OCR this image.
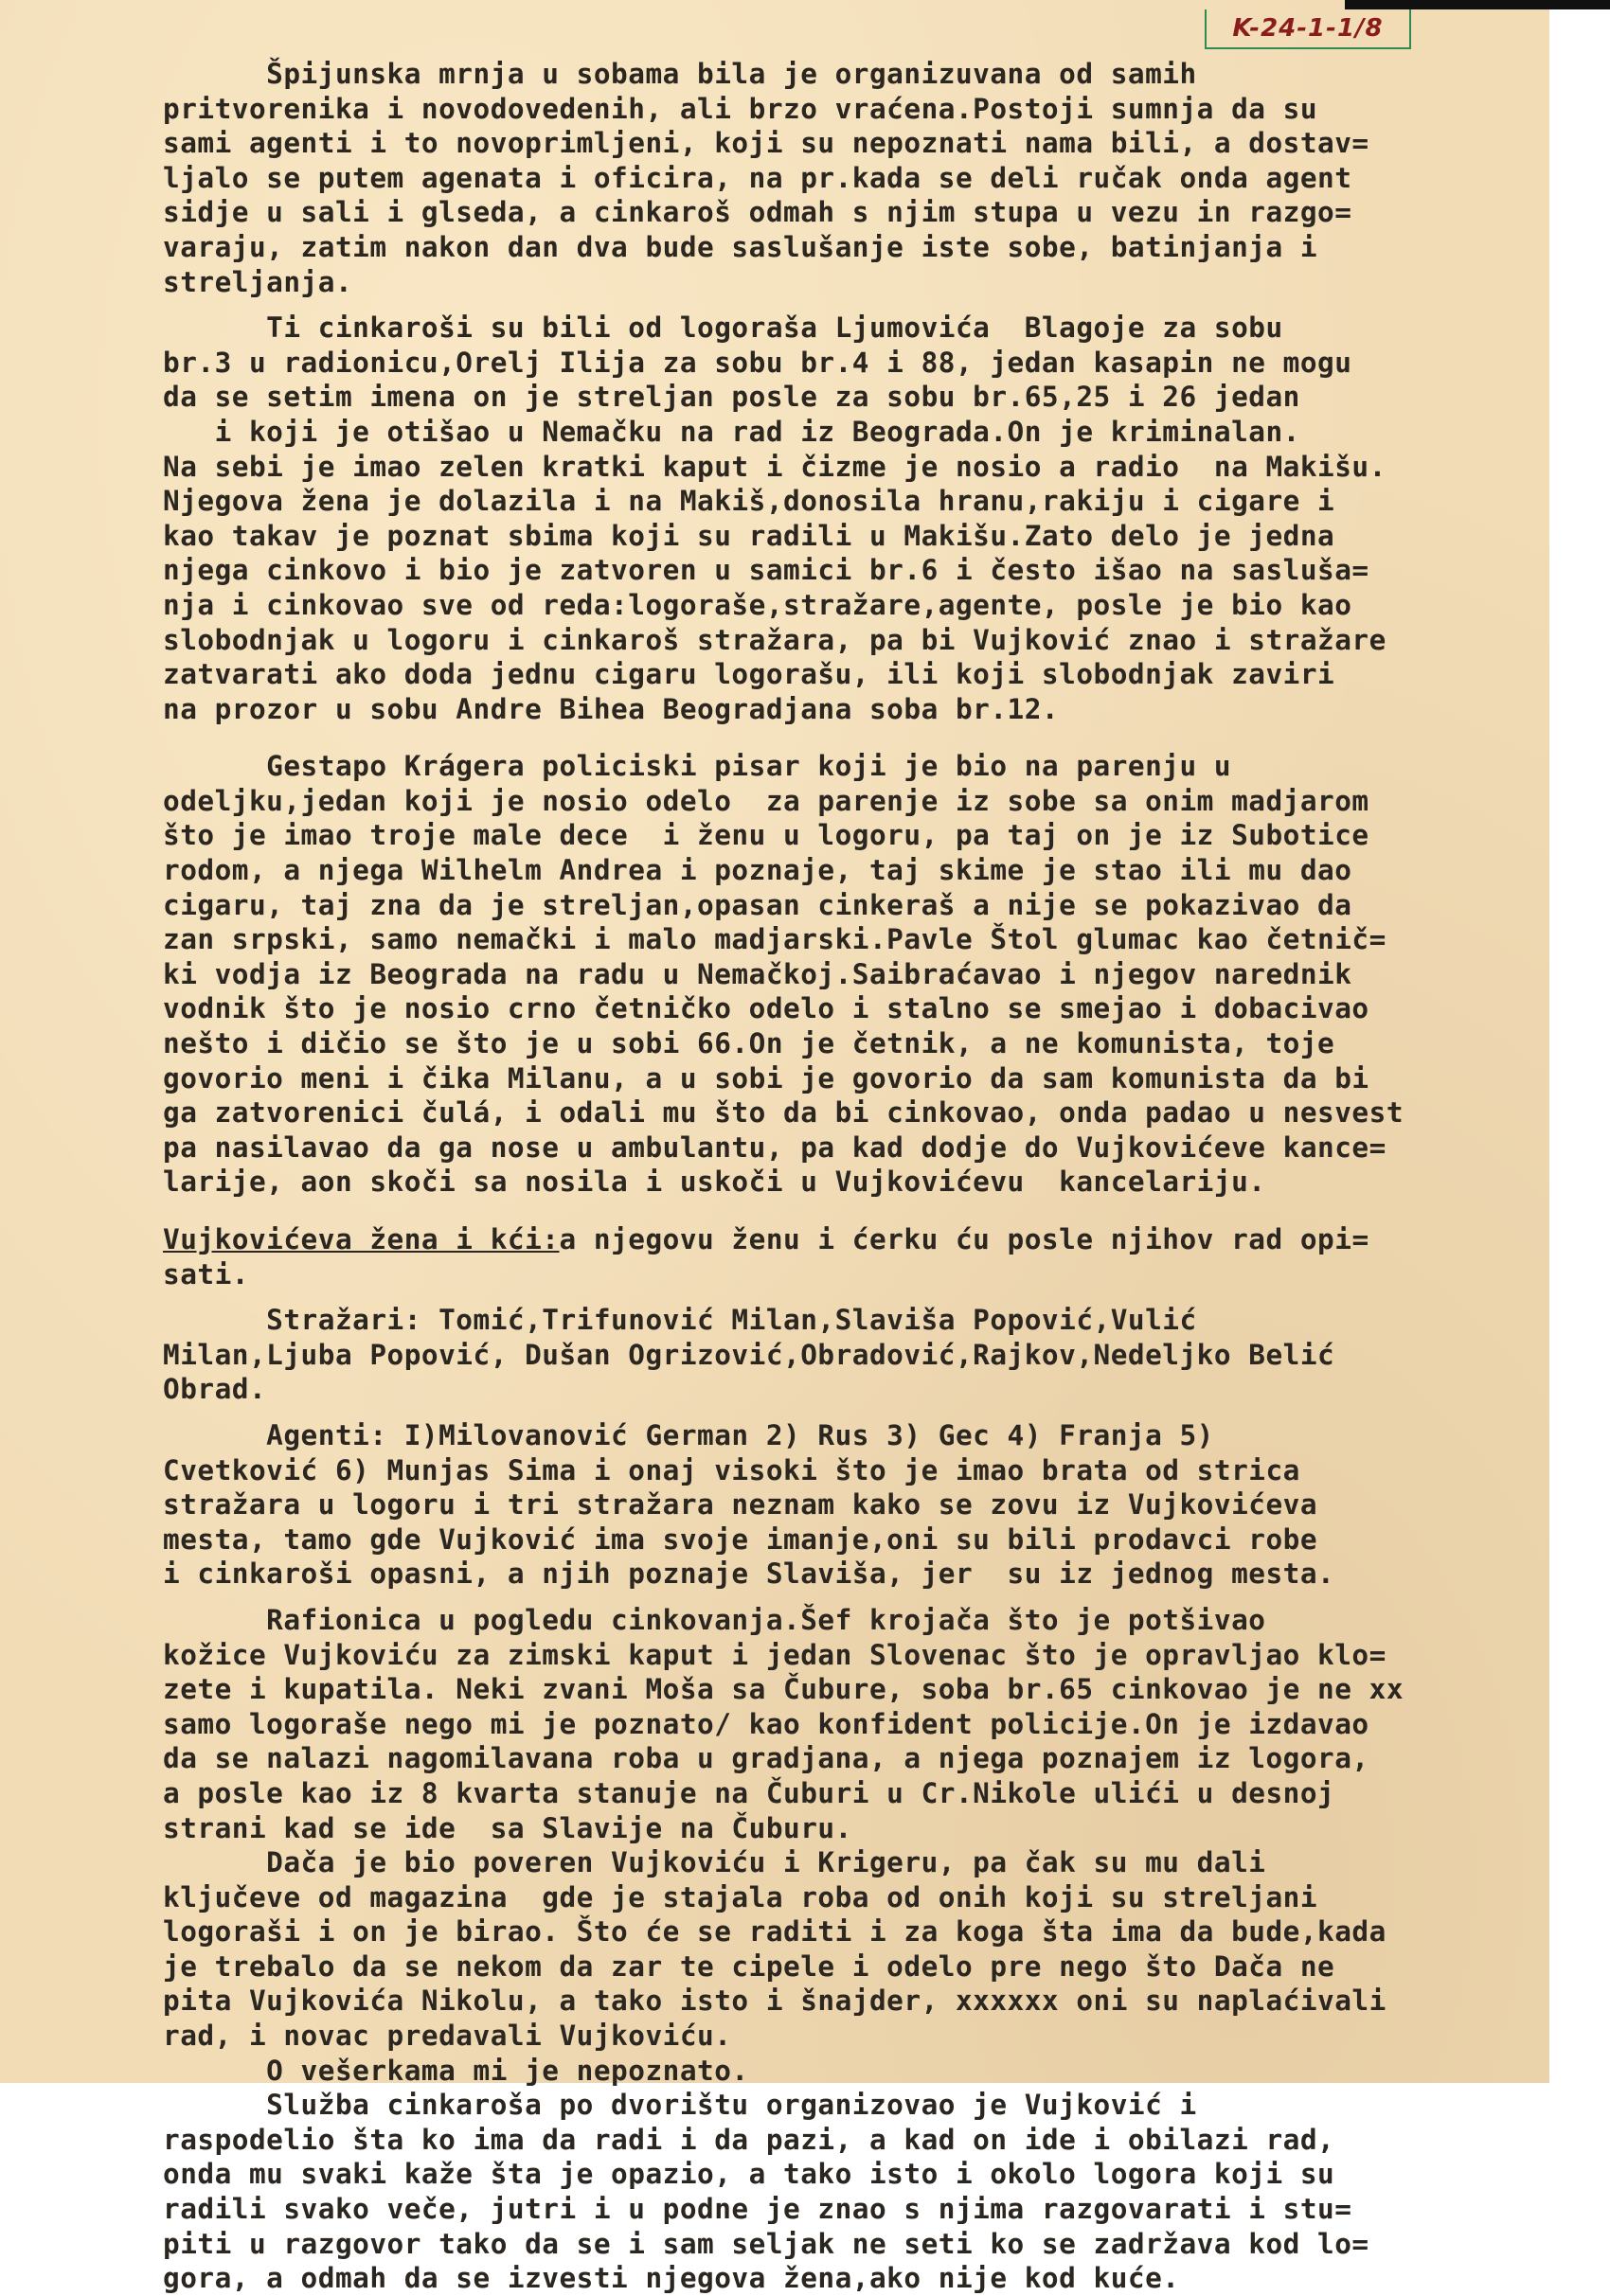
K-24-1-1/8
Špijunska mrnja u sobama bila je organizuvana od samih
pritvorenika i novodovedenih, ali brzo vraćena.Postoji sumnja da su
sami agenti i to novoprimljeni, koji su nepoznati nama bili, a dostav=
ljalo se putem agenata i oficira, na pr.kada se deli ručak onda agent
sidje u sali i glseda, a cinkaroš odmah s njim stupa u vezu in razgo=
varaju, zatim nakon dan dva bude saslušanje iste sobe, batinjanja i
streljanja.
Ti cinkaroši su bili od logoraša Ljumovića  Blagoje za sobu
br.3 u radionicu,Orelj Ilija za sobu br.4 i 88, jedan kasapin ne mogu
da se setim imena on je streljan posle za sobu br.65,25 i 26 jedan
i koji je otišao u Nemačku na rad iz Beograda.On je kriminalan.
Na sebi je imao zelen kratki kaput i čizme je nosio a radio  na Makišu.
Njegova žena je dolazila i na Makiš,donosila hranu,rakiju i cigare i
kao takav je poznat sbima koji su radili u Makišu.Zato delo je jedna
njega cinkovo i bio je zatvoren u samici br.6 i često išao na saslušа=
nja i cinkovao sve od reda:logoraše,stražare,agente, posle je bio kao
slobodnjak u logoru i cinkaroš stražara, pa bi Vujković znao i stražare
zatvarati ako doda jednu cigaru logorašu, ili koji slobodnjak zaviri
na prozor u sobu Andre Bihea Beogradjana soba br.12.
Gestapo Krágera policiski pisar koji je bio na parenju u
odeljku,jedan koji je nosio odelo  za parenje iz sobe sa onim madjarom
što je imao troje male dece  i ženu u logoru, pa taj on je iz Subotice
rodom, a njega Wilhelm Andrea i poznaje, taj skime je stao ili mu dao
cigaru, taj zna da je streljan,opasan cinkeraš a nije se pokazivao da
zan srpski, samo nemački i malo madjarski.Pavle Štol glumac kao četnič=
ki vodja iz Beograda na radu u Nemačkoj.Saibraćavao i njegov narednik
vodnik što je nosio crno četničko odelo i stalno se smejao i dobacivao
nešto i dičio se što je u sobi 66.On je četnik, a ne komunista, toje
govorio meni i čika Milanu, a u sobi je govorio da sam komunista da bi
ga zatvorenici čulá, i odali mu što da bi cinkovao, onda padao u nesvest
pa nasilavao da ga nose u ambulantu, pa kad dodje do Vujkovićeve kance=
larije, aon skoči sa nosila i uskoči u Vujkovićevu  kancelariju.
Vujkovićeva žena i kći:a njegovu ženu i ćerku ću posle njihov rad opi=
sati.
Stražari: Tomić,Trifunović Milan,Slaviša Popović,Vulić
Milan,Ljuba Popović, Dušan Ogrizović,Obradović,Rajkov,Nedeljko Belić
Obrad.
Agenti: I)Milovanović German 2) Rus 3) Gec 4) Franja 5)
Cvetković 6) Munjas Sima i onaj visoki što je imao brata od strica
stražara u logoru i tri stražara neznam kako se zovu iz Vujkovićeva
mesta, tamo gde Vujković ima svoje imanje,oni su bili prodavci robe
i cinkaroši opasni, a njih poznaje Slaviša, jer  su iz jednog mesta.
Rafionica u pogledu cinkovanja.Šef krojača što je potšivao
kožice Vujkoviću za zimski kaput i jedan Slovenac što je opravljao klo=
zete i kupatila. Neki zvani Moša sa Čubure, soba br.65 cinkovao je ne xx
samo logoraše nego mi je poznato/ kao konfident policije.On je izdavao
da se nalazi nagomilavana roba u gradjana, a njega poznajem iz logora,
a posle kao iz 8 kvarta stanuje na Čuburi u Cr.Nikole ulići u desnoj
strani kad se ide  sa Slavije na Čuburu.
Dača je bio poveren Vujkoviću i Krigeru, pa čak su mu dali
ključeve od magazina  gde je stajala roba od onih koji su streljani
logoraši i on je birao. Što će se raditi i za koga šta ima da bude,kada
je trebalo da se nekom da zar te cipele i odelo pre nego što Dača ne
pita Vujkovića Nikolu, a tako isto i šnajder, xxxxxx oni su naplaćivali
rad, i novac predavali Vujkoviću.
O vešerkama mi je nepoznato.
Služba cinkaroša po dvorištu organizovao je Vujković i
raspodelio šta ko ima da radi i da pazi, a kad on ide i obilazi rad,
onda mu svaki kaže šta je opazio, a tako isto i okolo logora koji su
radili svako veče, jutri i u podne je znao s njima razgovarati i stu=
piti u razgovor tako da se i sam seljak ne seti ko se zadržava kod lo=
gora, a odmah da se izvesti njegova žena,ako nije kod kuće.
